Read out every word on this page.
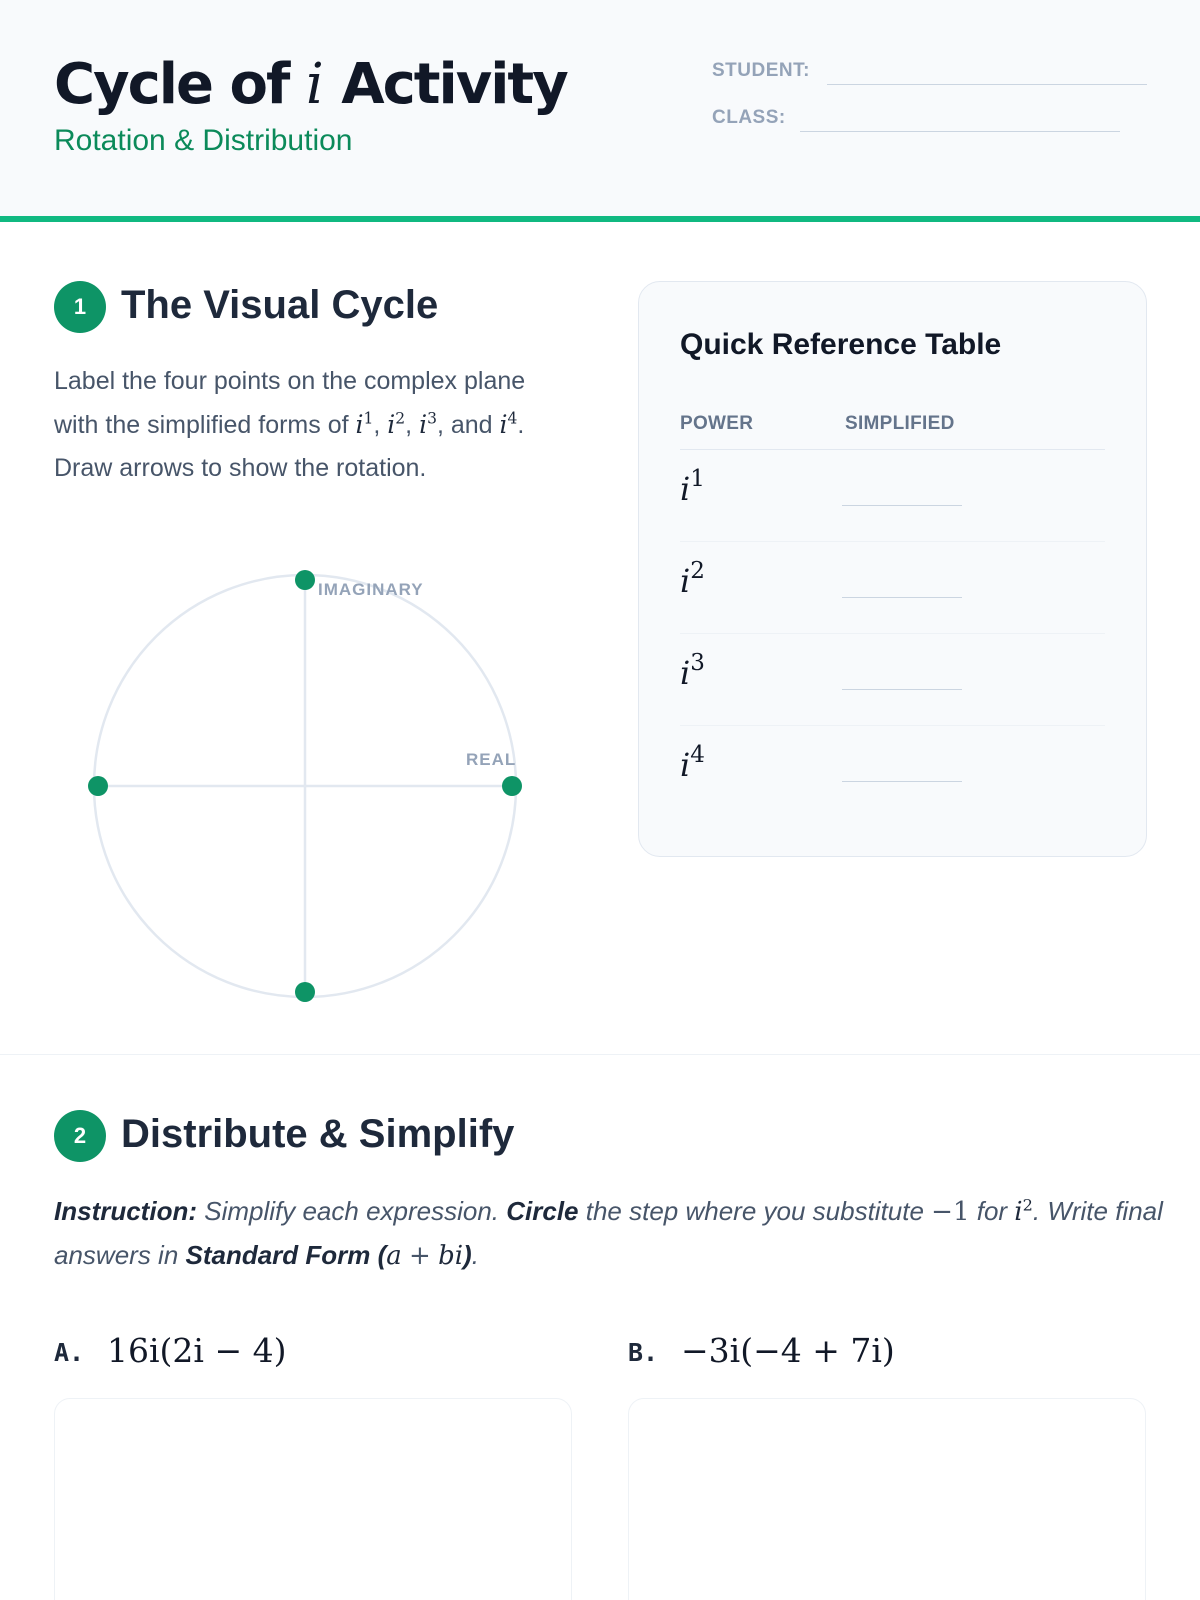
Cycle of i Activity
Rotation & Distribution
STUDENT:
CLASS:
1 The Visual Cycle
Label the four points on the complex plane with the simplified forms of $i^1$, $i^2$, $i^3$, and $i^4$. Draw arrows to show the rotation.
IMAGINARY
REAL
Quick Reference Table
POWER	SIMPLIFIED
$i^1$
$i^2$
$i^3$
$i^4$
2 Distribute & Simplify
Instruction: Simplify each expression. Circle the step where you substitute −1 for $i^2$. Write final answers in Standard Form (a + bi).
A. 16i(2i − 4)	B. −3i(−4 + 7i)
